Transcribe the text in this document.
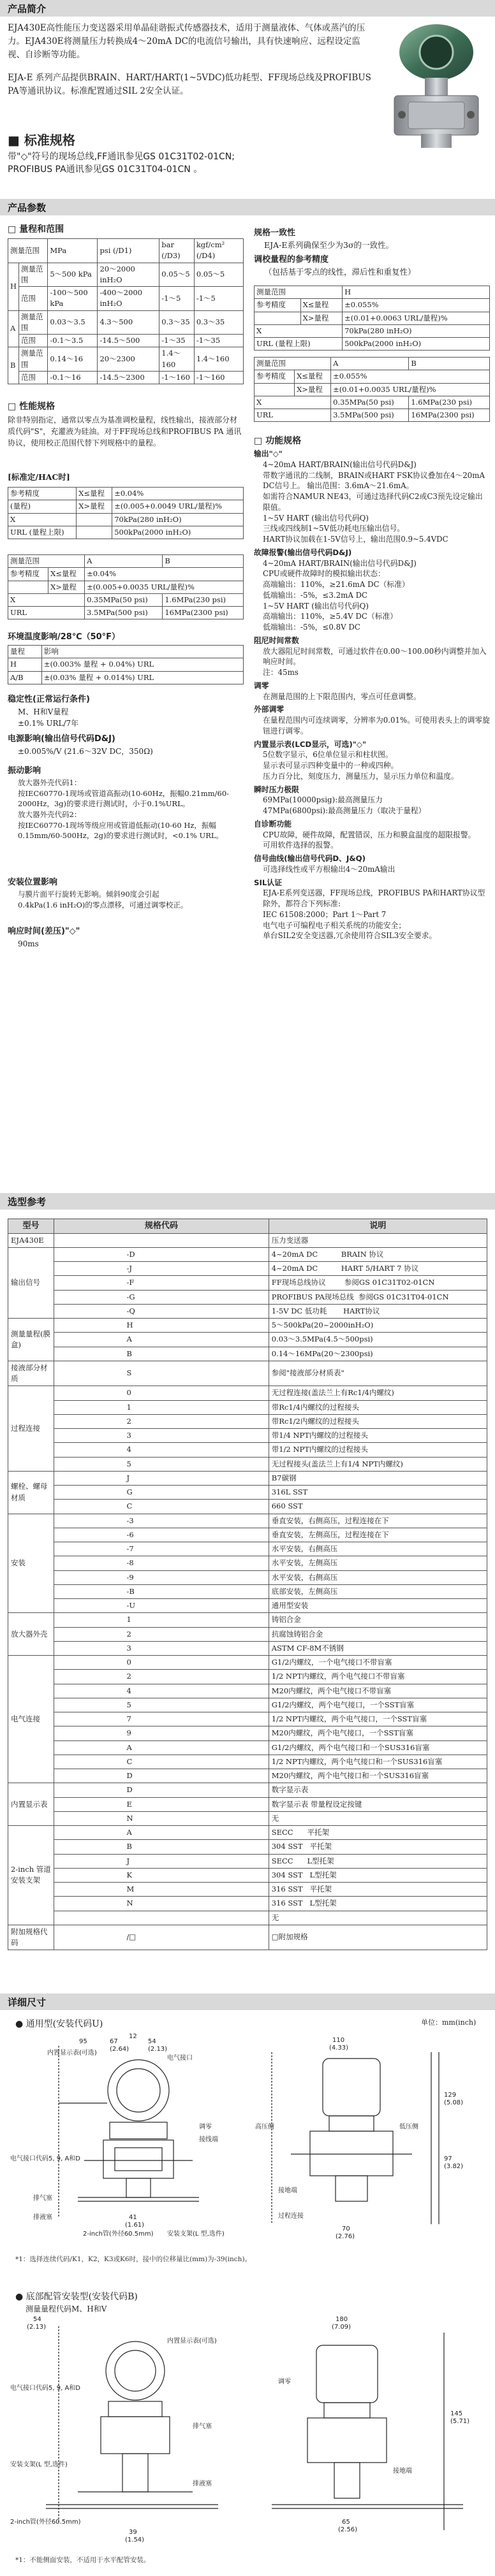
产品简介
EJA430E高性能压力变送器采用单晶硅谐振式传感器技术，适用于测量液体、气体或蒸汽的压力。EJA430E将测量压力转换成4～20mA DC的电流信号输出，具有快速响应、远程设定监视、自诊断等功能。
EJA-E 系列产品提供BRAIN、HART/HART(1~5VDC)低功耗型、FF现场总线及PROFIBUS PA等通讯协议。标准配置通过SIL 2安全认证。
■ 标准规格
带"◇"符号的现场总线,FF通讯参见GS 01C31T02-01CN;
PROFIBUS PA通讯参见GS 01C31T04-01CN 。
产品参数
□ 量程和范围
测量范围		MPa	psi (/D1)	bar (/D3)	kgf/cm² (/D4)
H	测量范围	5～500 kPa	20～2000 inH₂O	0.05～5	0.05～5
	范围	-100～500 kPa	-400～2000 inH₂O	-1～5	-1～5
A	测量范围	0.03～3.5	4.3～500	0.3～35	0.3～35
	范围	-0.1～3.5	-14.5～500	-1～35	-1～35
B	测量范围	0.14～16	20～2300	1.4～160	1.4～160
	范围	-0.1～16	-14.5～2300	-1～160	-1～160
□ 性能规格
除非特别指定，通常以零点为基准调校量程，线性输出，接液部分材质代码"S"，充灌液为硅油。对于FF现场总线和PROFIBUS PA 通讯协议，使用校正范围代替下列规格中的量程。
[标准定/HAC时]
参考精度	X≤量程	±0.04%
(量程)	X>量程	±(0.005+0.0049 URL/量程)%
X		70kPa(280 inH₂O)
URL (量程上限)		500kPa(2000 inH₂O)
测量范围		A	B
参考精度	X≤量程	±0.04%	
	X>量程	±(0.005+0.0035 URL/量程)%	
X		0.35MPa(50 psi)	1.6MPa(230 psi)
URL		3.5MPa(500 psi)	16MPa(2300 psi)
环境温度影响/28℃（50°F）
量程	影响
H	±(0.003% 量程 + 0.04%) URL
A/B	±(0.03% 量程 + 0.014%) URL
稳定性(正常运行条件)
M、H和V量程
±0.1% URL/7年
电源影响(输出信号代码D&J)
±0.005%/V (21.6～32V DC，350Ω)
振动影响
放大器外壳代码1：
按IEC60770-1现场或管道高振动(10-60Hz，振幅0.21mm/60-2000Hz，3g)的要求进行测试时，小于0.1%URL。
放大器外壳代码2：
按IEC60770-1现场等级应用或管道低振动(10-60 Hz，振幅0.15mm/60-500Hz，2g)的要求进行测试时，<0.1% URL。
安装位置影响
与膜片面平行旋转无影响。倾斜90度会引起
0.4kPa(1.6 inH₂O)的零点漂移，可通过调零校正。
响应时间(差压)"◇"
90ms
规格一致性
EJA-E系列确保至少为3σ的一致性。
调校量程的参考精度
（包括基于零点的线性，滞后性和重复性）
测量范围		H
参考精度	X≤量程	±0.055%
	X>量程	±(0.01+0.0063 URL/量程)%
X		70kPa(280 inH₂O)
URL (量程上限)		500kPa(2000 inH₂O)
测量范围		A	B
参考精度	X≤量程	±0.055%	
	X>量程	±(0.01+0.0035 URL/量程)%	
X		0.35MPa(50 psi)	1.6MPa(230 psi)
URL		3.5MPa(500 psi)	16MPa(2300 psi)
□ 功能规格
输出"◇"
4~20mA HART/BRAIN(输出信号代码D&J)
带数字通讯的二线制，BRAIN或HART FSK协议叠加在4～20mA DC信号上。 输出范围：3.6mA～21.6mA。
如需符合NAMUR NE43，可通过选择代码C2或C3预先设定输出限值。
1~5V HART (输出信号代码Q)
三线或四线制1~5V低功耗电压输出信号。
HART协议加载在1-5V信号上，输出范围0.9~5.4VDC
故障报警(输出信号代码D&J)
4~20mA HART/BRAIN(输出信号代码D&J)
CPU或硬件故障时的模拟输出状态：
高端输出：110%，≥21.6mA DC（标准）
低端输出：-5%，≤3.2mA DC
1~5V HART (输出信号代码Q)
高端输出：110%，≥5.4V DC（标准）
低端输出：-5%，≤0.8V DC
阻尼时间常数
放大器阻尼时间常数，可通过软件在0.00～100.00秒内调整并加入响应时间。
注：45ms
调零
在测量范围的上下限范围内，零点可任意调整。
外部调零
在量程范围内可连续调零，分辨率为0.01%。可使用表头上的调零旋钮进行调零。
内置显示表(LCD显示，可选)"◇"
5位数字显示，6位单位显示和柱状图。
显示表可显示四种变量中的一种或四种。
压力百分比，刻度压力，测量压力，显示压力单位和温度。
瞬时压力极限
69MPa(10000psig):最高测量压力
47MPa(6800psi):最高测量压力（取决于量程）
自诊断功能
CPU故障，硬件故障，配置错误，压力和膜盒温度的超限报警。
可用软件选择的报警。
信号曲线(输出信号代码D、J&Q)
可选择线性或平方根输出4～20mA输出
SIL认证
EJA-E系列变送器，FF现场总线，PROFIBUS PA和HART协议型除外，都符合下列标准:
IEC 61508:2000；Part 1～Part 7
电气电子可编程电子相关系统的功能安全；
单台SIL2安全变送器,冗余使用符合SIL3安全要求。
选型参考
型号	规格代码		说明
EJA430E			压力变送器
输出信号		-D	4~20mA DC          BRAIN 协议
		-J	4~20mA DC          HART 5/HART 7 协议
		-F	FF现场总线协议        参阅GS 01C31T02-01CN
		-G	PROFIBUS PA现场总线  参阅GS 01C31T04-01CN
		-Q	1-5V DC 低功耗       HART协议
测量量程(膜盒)		H	5～500kPa(20~2000inH₂O)
		A	0.03～3.5MPa(4.5～500psi)
		B	0.14～16MPa(20～2300psi)
接液部分材质		S	参阅"接液部分材质表"
过程连接		0	无过程连接(盖法兰上有Rc1/4内螺纹)
		1	带Rc1/4内螺纹的过程接头
		2	带Rc1/2内螺纹的过程接头
		3	带1/4 NPT内螺纹的过程接头
		4	带1/2 NPT内螺纹的过程接头
		5	无过程接头(盖法兰上有1/4 NPT内螺纹)
螺栓、螺母材质		J	B7碳钢
		G	316L SST
		C	660 SST
安装		-3	垂直安装，右侧高压，过程连接在下
		-6	垂直安装，左侧高压，过程连接在下
		-7	水平安装，右侧高压
		-8	水平安装，左侧高压
		-9	水平安装，右侧高压
		-B	底部安装，左侧高压
		-U	通用型安装
放大器外壳		1	铸铝合金
		2	抗腐蚀铸铝合金
		3	ASTM CF-8M不锈钢
电气连接		0	G1/2内螺纹，一个电气接口不带盲塞
		2	1/2 NPT内螺纹，两个电气接口不带盲塞
		4	M20内螺纹，两个电气接口不带盲塞
		5	G1/2内螺纹，两个电气接口，一个SST盲塞
		7	1/2 NPT内螺纹，两个电气接口，一个SST盲塞
		9	M20内螺纹，两个电气接口，一个SST盲塞
		A	G1/2内螺纹，两个电气接口和一个SUS316盲塞
		C	1/2 NPT内螺纹，两个电气接口和一个SUS316盲塞
		D	M20内螺纹，两个电气接口和一个SUS316盲塞
内置显示表		D	数字显示表
		E	数字显示表 带量程设定按键
		N	无
2-inch 管道安装支架		A	SECC      平托架
		B	304 SST   平托架
		J	SECC      L型托架
		K	304 SST   L型托架
		M	316 SST   平托架
		N	316 SST   L型托架
			无
附加规格代码		/□	□附加规格
详细尺寸
● 通用型(安装代码U)	单位：mm(inch)
内置显示表(可选)
电气接口
12
95	67
(2.64)
54
(2.13)
电气接口代码5, 9, A和D
调零
接线端
排气塞
排液塞	41
(1.61)
安装支架(L 型,选件)
2-inch管(外径60.5mm)
110
(4.33)
129
(5.08)
97
(3.82)
高压侧	低压侧
接地端
过程连接
70
(2.76)
*1：选择连续代码/K1，K2，K3或K6时，接中的位移量比(mm)为-39(inch)。
● 底部配管安装型(安装代码B)
测量量程代码M、H和V
54
(2.13)
内置显示表(可选)
电气接口代码5, 9, A和D
排气塞
安装支架(L 型,选件)
2-inch管(外径60.5mm)
排液塞
39
(1.54)
180
(7.09)
调零
145
(5.71)
接地端
65
(2.56)
*1：不能侧面安装，不适用于水平配管安装。
